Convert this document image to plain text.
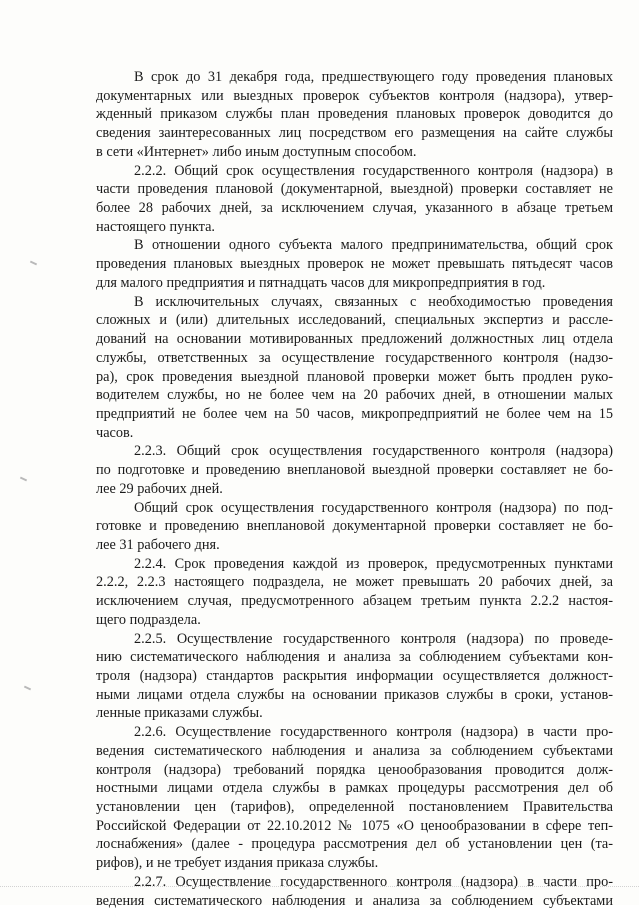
В срок до 31 декабря года, предшествующего году проведения плановых
документарных или выездных проверок субъектов контроля (надзора), утвер-
жденный приказом службы план проведения плановых проверок доводится до
сведения заинтересованных лиц посредством его размещения на сайте службы
в сети «Интернет» либо иным доступным способом.
2.2.2. Общий срок осуществления государственного контроля (надзора) в
части проведения плановой (документарной, выездной) проверки составляет не
более 28 рабочих дней, за исключением случая, указанного в абзаце третьем
настоящего пункта.
В отношении одного субъекта малого предпринимательства, общий срок
проведения плановых выездных проверок не может превышать пятьдесят часов
для малого предприятия и пятнадцать часов для микропредприятия в год.
В исключительных случаях, связанных с необходимостью проведения
сложных и (или) длительных исследований, специальных экспертиз и рассле-
дований на основании мотивированных предложений должностных лиц отдела
службы, ответственных за осуществление государственного контроля (надзо-
ра), срок проведения выездной плановой проверки может быть продлен руко-
водителем службы, но не более чем на 20 рабочих дней, в отношении малых
предприятий не более чем на 50 часов, микропредприятий не более чем на 15
часов.
2.2.3. Общий срок осуществления государственного контроля (надзора)
по подготовке и проведению внеплановой выездной проверки составляет не бо-
лее 29 рабочих дней.
Общий срок осуществления государственного контроля (надзора) по под-
готовке и проведению внеплановой документарной проверки составляет не бо-
лее 31 рабочего дня.
2.2.4. Срок проведения каждой из проверок, предусмотренных пунктами
2.2.2, 2.2.3 настоящего подраздела, не может превышать 20 рабочих дней, за
исключением случая, предусмотренного абзацем третьим пункта 2.2.2 настоя-
щего подраздела.
2.2.5. Осуществление государственного контроля (надзора) по проведе-
нию систематического наблюдения и анализа за соблюдением субъектами кон-
троля (надзора) стандартов раскрытия информации осуществляется должност-
ными лицами отдела службы на основании приказов службы в сроки, установ-
ленные приказами службы.
2.2.6. Осуществление государственного контроля (надзора) в части про-
ведения систематического наблюдения и анализа за соблюдением субъектами
контроля (надзора) требований порядка ценообразования проводится долж-
ностными лицами отдела службы в рамках процедуры рассмотрения дел об
установлении цен (тарифов), определенной постановлением Правительства
Российской Федерации от 22.10.2012 № 1075 «О ценообразовании в сфере теп-
лоснабжения» (далее - процедура рассмотрения дел об установлении цен (та-
рифов), и не требует издания приказа службы.
2.2.7. Осуществление государственного контроля (надзора) в части про-
ведения систематического наблюдения и анализа за соблюдением субъектами
